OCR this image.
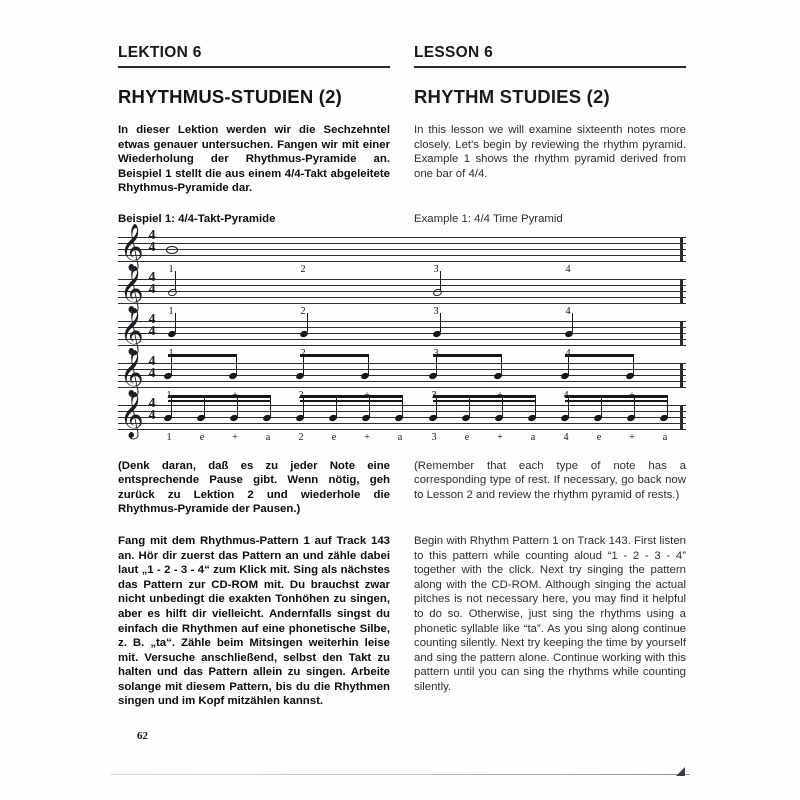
LEKTION 6	LESSON 6
RHYTHMUS-STUDIEN (2)	RHYTHM STUDIES (2)

In dieser Lektion werden wir die Sechzehntel etwas genauer untersuchen. Fangen wir mit einer Wiederholung der Rhythmus-Pyramide an. Beispiel 1 stellt die aus einem 4/4-Takt abgeleitete Rhythmus-Pyramide dar.

In this lesson we will examine sixteenth notes more closely. Let's begin by reviewing the rhythm pyramid. Example 1 shows the rhythm pyramid derived from one bar of 4/4.

Beispiel 1: 4/4-Takt-Pyramide	Example 1: 4/4 Time Pyramid

𝄞 4
4
1	2	3	4
𝄞 4
4
1	2	3	4
𝄞 4
4
𝄞 4
4
𝄞 4
4
1	e	+	a	2	e	+	a	3	e	+	a	4	e	+	a

(Denk daran, daß es zu jeder Note eine entsprechende Pause gibt. Wenn nötig, geh zurück zu Lektion 2 und wiederhole die Rhythmus-Pyramide der Pausen.)

(Remember that each type of note has a corresponding type of rest. If necessary, go back now to Lesson 2 and review the rhythm pyramid of rests.)

Fang mit dem Rhythmus-Pattern 1 auf Track 143 an. Hör dir zuerst das Pattern an und zähle dabei laut „1 - 2 - 3 - 4“ zum Klick mit. Sing als nächstes das Pattern zur CD-ROM mit. Du brauchst zwar nicht unbedingt die exakten Tonhöhen zu singen, aber es hilft dir vielleicht. Andernfalls singst du einfach die Rhythmen auf eine phonetische Silbe, z. B. „ta“. Zähle beim Mitsingen weiterhin leise mit. Versuche anschließend, selbst den Takt zu halten und das Pattern allein zu singen. Arbeite solange mit diesem Pattern, bis du die Rhythmen singen und im Kopf mitzählen kannst.

Begin with Rhythm Pattern 1 on Track 143. First listen to this pattern while counting aloud “1 - 2 - 3 - 4” together with the click. Next try singing the pattern along with the CD-ROM. Although singing the actual pitches is not necessary here, you may find it helpful to do so. Otherwise, just sing the rhythms using a phonetic syllable like “ta”. As you sing along continue counting silently. Next try keeping the time by yourself and sing the pattern alone. Continue working with this pattern until you can sing the rhythms while counting silently.

62
